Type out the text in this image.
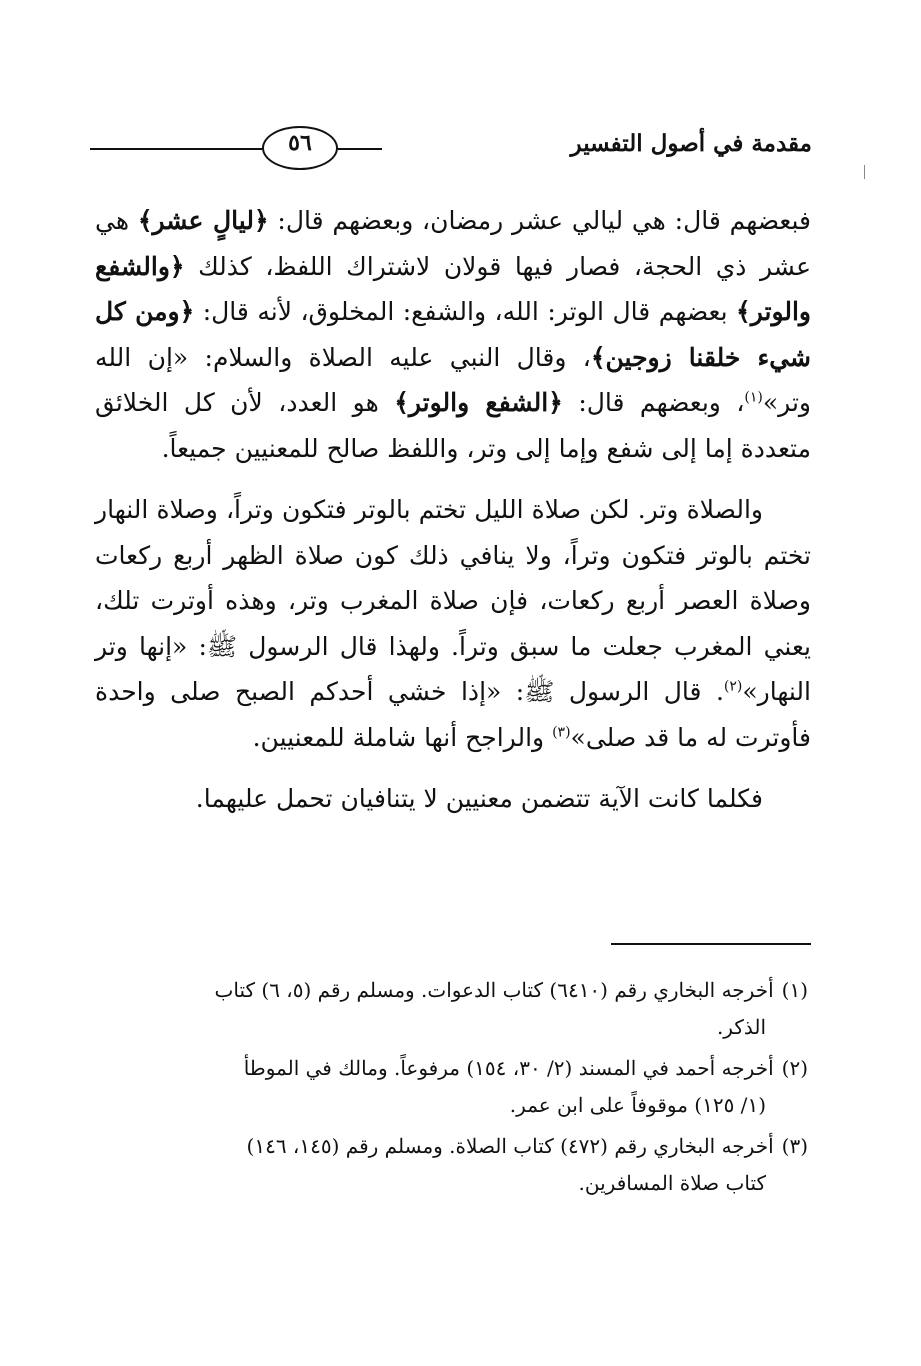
٥٦	مقدمة في أصول التفسير

فبعضهم قال: هي ليالي عشر رمضان، وبعضهم قال: ﴿ليالٍ عشر﴾ هي عشر ذي الحجة، فصار فيها قولان لاشتراك اللفظ، كذلك ﴿والشفع والوتر﴾ بعضهم قال الوتر: الله، والشفع: المخلوق، لأنه قال: ﴿ومن كل شيء خلقنا زوجين﴾، وقال النبي عليه الصلاة والسلام: «إن الله وتر»$^{(١)}$، وبعضهم قال: ﴿الشفع والوتر﴾ هو العدد، لأن كل الخلائق متعددة إما إلى شفع وإما إلى وتر، واللفظ صالح للمعنيين جميعاً.

والصلاة وتر. لكن صلاة الليل تختم بالوتر فتكون وتراً، وصلاة النهار تختم بالوتر فتكون وتراً، ولا ينافي ذلك كون صلاة الظهر أربع ركعات وصلاة العصر أربع ركعات، فإن صلاة المغرب وتر، وهذه أوترت تلك، يعني المغرب جعلت ما سبق وتراً. ولهذا قال الرسول ﷺ: «إنها وتر النهار»$^{(٢)}$. قال الرسول ﷺ: «إذا خشي أحدكم الصبح صلى واحدة فأوترت له ما قد صلى»$^{(٣)}$ والراجح أنها شاملة للمعنيين.

فكلما كانت الآية تتضمن معنيين لا يتنافيان تحمل عليهما.

(١)أخرجه البخاري رقم (٦٤١٠) كتاب الدعوات. ومسلم رقم (٥، ٦) كتاب
الذكر.

(٢)أخرجه أحمد في المسند (٢/ ٣٠، ١٥٤) مرفوعاً. ومالك في الموطأ
(١/ ١٢٥) موقوفاً على ابن عمر.

(٣)أخرجه البخاري رقم (٤٧٢) كتاب الصلاة. ومسلم رقم (١٤٥، ١٤٦)
كتاب صلاة المسافرين.
